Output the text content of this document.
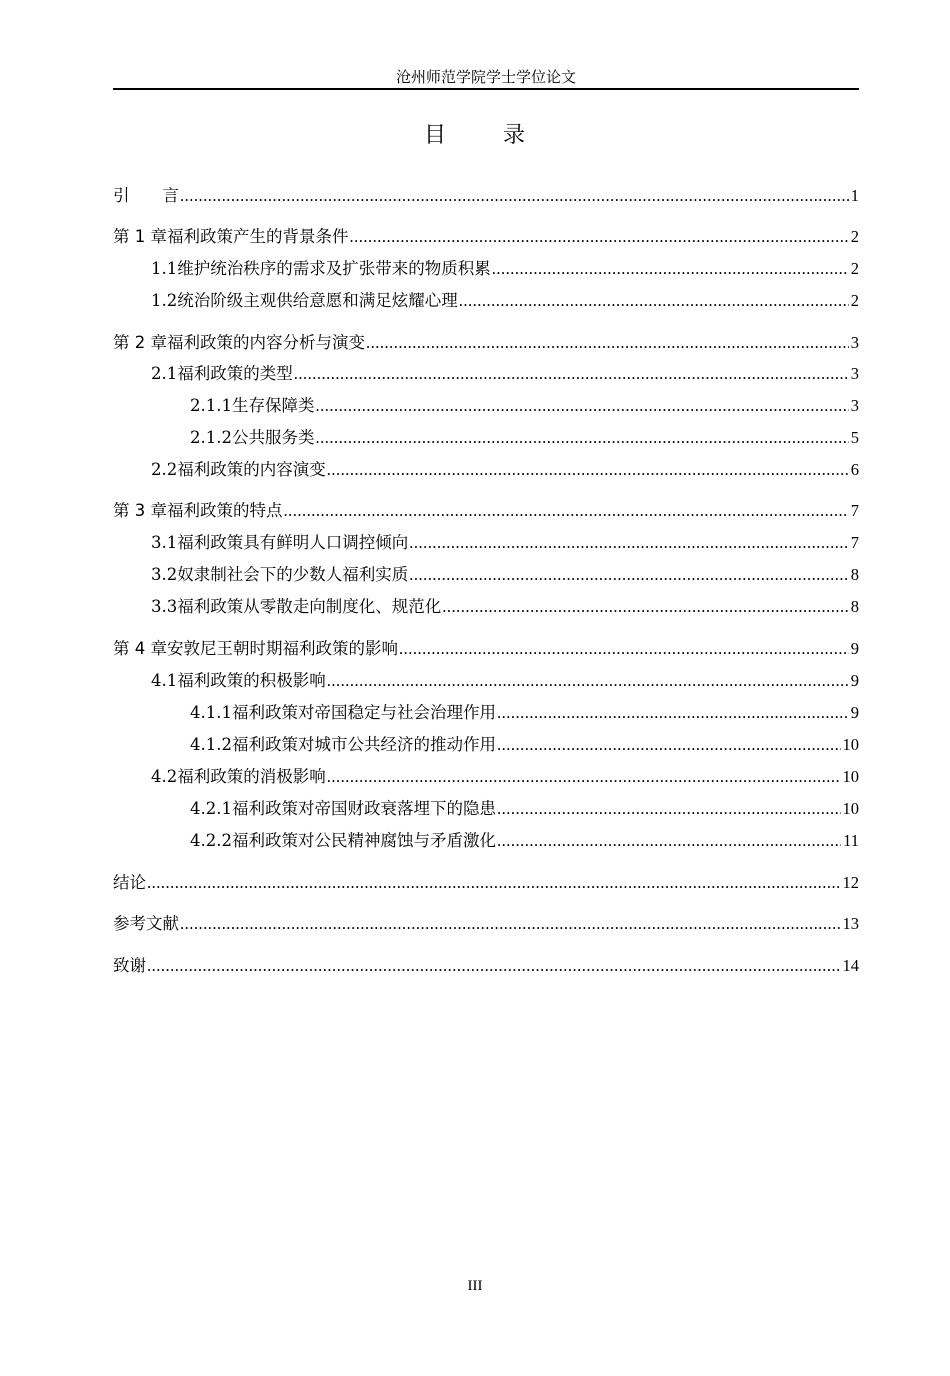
沧州师范学院学士学位论文
目	录
引　　言 .....	1
第 1 章 福利政策产生的背景条件 .....	2
1.1 维护统治秩序的需求及扩张带来的物质积累 .....	2
1.2 统治阶级主观供给意愿和满足炫耀心理 .....	2
第 2 章 福利政策的内容分析与演变 .....	3
2.1 福利政策的类型 .....	3
2.1.1 生存保障类 .....	3
2.1.2 公共服务类 .....	5
2.2 福利政策的内容演变 .....	6
第 3 章 福利政策的特点 .....	7
3.1 福利政策具有鲜明人口调控倾向 .....	7
3.2 奴隶制社会下的少数人福利实质 .....	8
3.3 福利政策从零散走向制度化、规范化 .....	8
第 4 章 安敦尼王朝时期福利政策的影响 .....	9
4.1 福利政策的积极影响 .....	9
4.1.1 福利政策对帝国稳定与社会治理作用 .....	9
4.1.2 福利政策对城市公共经济的推动作用 .....	10
4.2 福利政策的消极影响 .....	10
4.2.1 福利政策对帝国财政衰落埋下的隐患 .....	10
4.2.2 福利政策对公民精神腐蚀与矛盾激化 .....	11
结论 .....	12
参考文献 .....	13
致谢 .....	14
III
